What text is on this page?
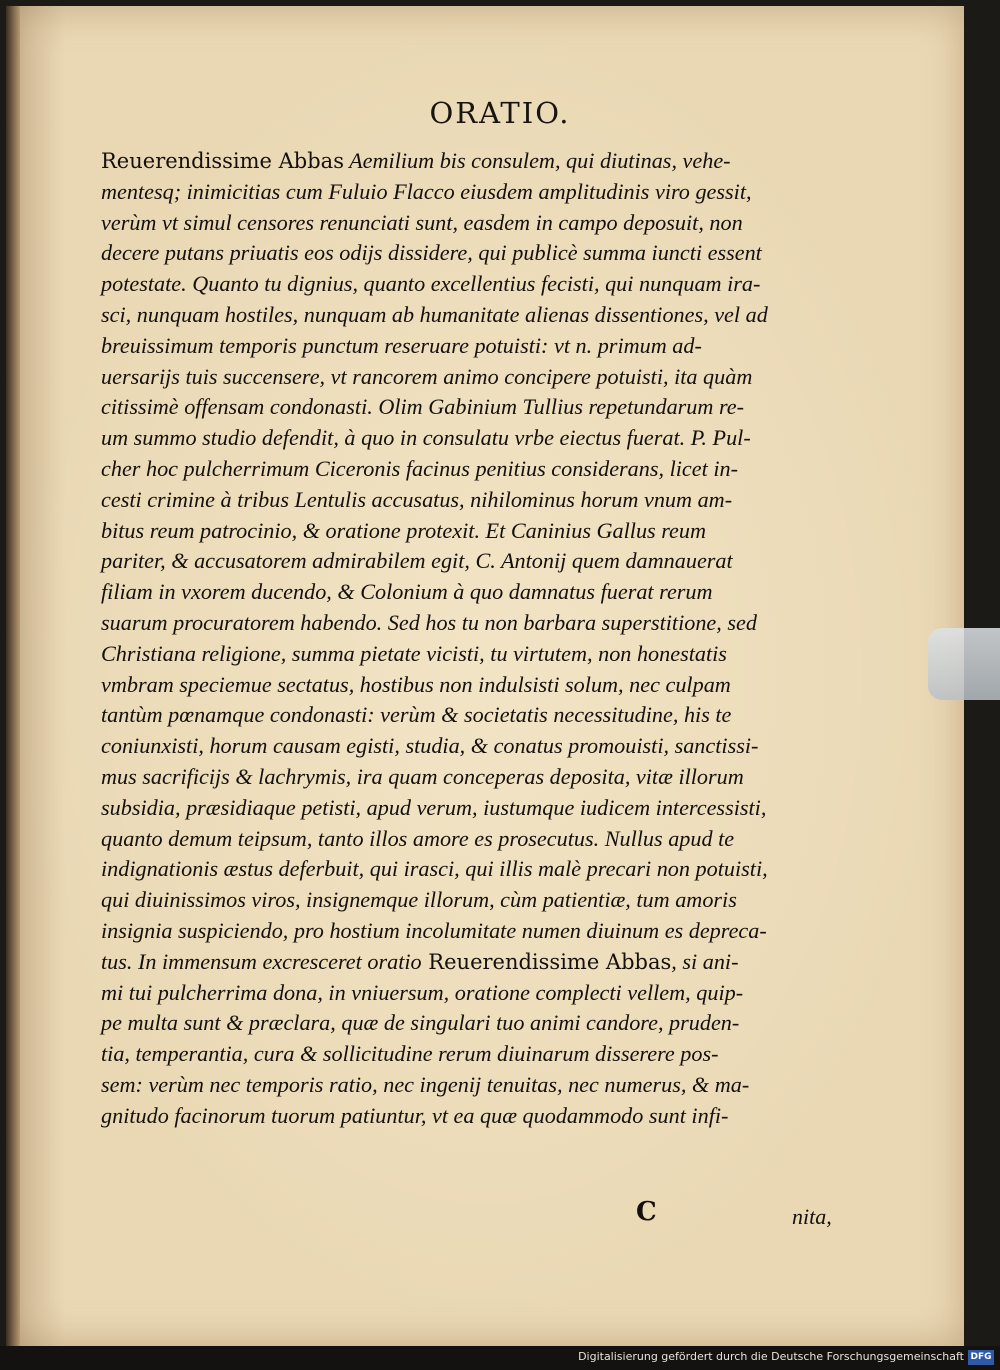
ORATIO.
Reuerendissime Abbas Aemilium bis consulem, qui diutinas, vehe-
mentesq; inimicitias cum Fuluio Flacco eiusdem amplitudinis viro gessit,
verùm vt simul censores renunciati sunt, easdem in campo deposuit, non
decere putans priuatis eos odijs dissidere, qui publicè summa iuncti essent
potestate. Quanto tu dignius, quanto excellentius fecisti, qui nunquam ira-
sci, nunquam hostiles, nunquam ab humanitate alienas dissentiones, vel ad
breuissimum temporis punctum reseruare potuisti: vt n. primum ad-
uersarijs tuis succensere, vt rancorem animo concipere potuisti, ita quàm
citissimè offensam condonasti. Olim Gabinium Tullius repetundarum re-
um summo studio defendit, à quo in consulatu vrbe eiectus fuerat. P. Pul-
cher hoc pulcherrimum Ciceronis facinus penitius considerans, licet in-
cesti crimine à tribus Lentulis accusatus, nihilominus horum vnum am-
bitus reum patrocinio, & oratione protexit. Et Caninius Gallus reum
pariter, & accusatorem admirabilem egit, C. Antonij quem damnauerat
filiam in vxorem ducendo, & Colonium à quo damnatus fuerat rerum
suarum procuratorem habendo. Sed hos tu non barbara superstitione, sed
Christiana religione, summa pietate vicisti, tu virtutem, non honestatis
vmbram speciemue sectatus, hostibus non indulsisti solum, nec culpam
tantùm pœnamque condonasti: verùm & societatis necessitudine, his te
coniunxisti, horum causam egisti, studia, & conatus promouisti, sanctissi-
mus sacrificijs & lachrymis, ira quam conceperas deposita, vitæ illorum
subsidia, præsidiaque petisti, apud verum, iustumque iudicem intercessisti,
quanto demum teipsum, tanto illos amore es prosecutus. Nullus apud te
indignationis æstus deferbuit, qui irasci, qui illis malè precari non potuisti,
qui diuinissimos viros, insignemque illorum, cùm patientiæ, tum amoris
insignia suspiciendo, pro hostium incolumitate numen diuinum es depreca-
tus. In immensum excresceret oratio Reuerendissime Abbas, si ani-
mi tui pulcherrima dona, in vniuersum, oratione complecti vellem, quip-
pe multa sunt & præclara, quæ de singulari tuo animi candore, pruden-
tia, temperantia, cura & sollicitudine rerum diuinarum disserere pos-
sem: verùm nec temporis ratio, nec ingenij tenuitas, nec numerus, & ma-
gnitudo facinorum tuorum patiuntur, vt ea quæ quodammodo sunt infi-
C	nita,
Digitalisierung gefördert durch die Deutsche Forschungsgemeinschaft DFG
